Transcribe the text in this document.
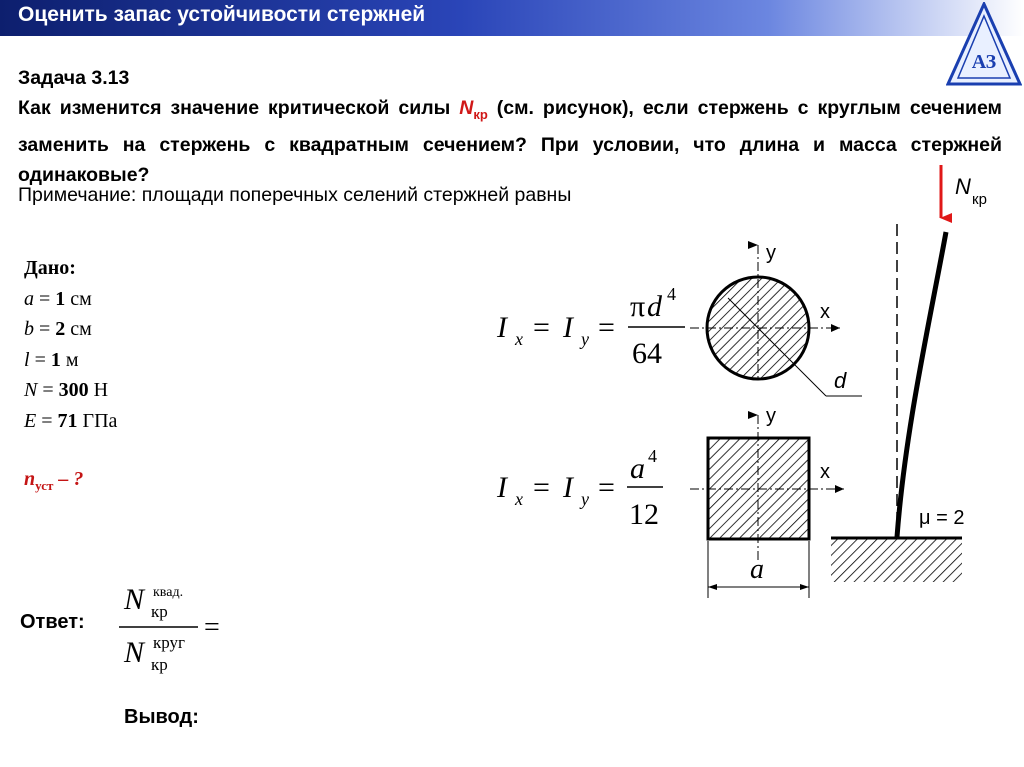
Оценить запас устойчивости стержней
АЗ
Задача 3.13
Как изменится значение критической силы $N_{кр}$ (см. рисунок), если стержень с круглым сечением заменить на стержень с квадратным сечением? При условии, что длина и масса стержней одинаковые?
Примечание: площади поперечных селений стержней равны
Дано:
a = 1 см
b = 2 см
l = 1 м
N = 300 Н
E = 71 ГПа
$n_{уст}$ – ?
Ответ:
Вывод:
I x = I y =
π d 4
64
I x = I y =
a 4
12
y
x
d
y
x
a
N
кр
μ = 2
N квад.
кр
N круг
кр
=
